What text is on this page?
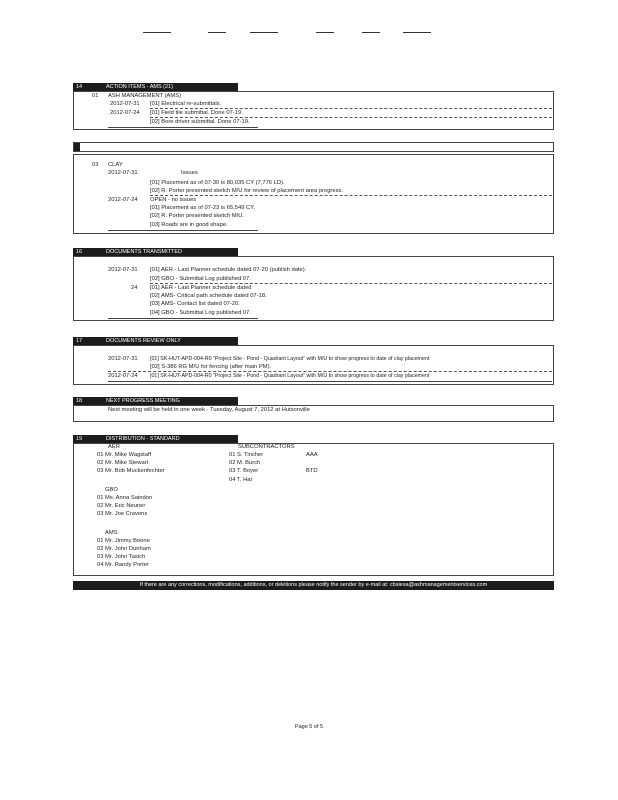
14	ACTION ITEMS - AMS (21)
01 ASH MANAGEMENT (AMS)
2012-07-31 [01] Electrical re-submittals.
2012-07-24 [01] Field tile submittal. Done 07-19.
[02] Bore driver submittal. Done 07-19.
03 CLAY
2012-07-31	Issues
[01] Placement as of 07-30 is 80,035 CY (7,776 LD).
[02] R. Porter presented sketch M/U for review of placement area progress.
2012-07-24 OPEN - no issues
[01] Placement as of 07-23 is 65,549 CY.
[02] R. Porter presented sketch M/U.
[03] Roads are in good shape.
16	DOCUMENTS TRANSMITTED
2012-07-31 [01] AER - Last Planner schedule dated 07-20 (publish date).
[02] GBO - Submittal Log published 07.
24 [01] AER - Last Planner schedule dated
[02] AMS- Critical path schedule dated 07-18.
[03] AMS- Contact list dated 07-20.
[04] GBO - Submittal Log published 07.
17	DOCUMENTS REVIEW ONLY
2012-07-31 [01] SK-HUT-APD-004-R0 "Project Site - Pond - Quadrant Layout" with M/U to show progress to date of clay placement
[02] S-386 RG M/U for fencing (after main PM).
2012-07-24 [01] SK-HUT-APD-004-R0 "Project Site - Pond - Quadrant Layout" with M/U to show progress to date of clay placement
18	NEXT PROGRESS MEETING
Next meeting will be held in one week - Tuesday, August 7, 2012 at Hutsonville
19	DISTRIBUTION - STANDARD
AER
01 Mr. Mike Wagstaff
02 Mr. Mike Stewart
03 Mr. Bob Muckenfechter
GBO
01 Ms. Anna Saindon
02 Mr. Eric Neuner
03 Mr. Joe Cravens
AMS
01 Mr. Jimmy Boone
02 Mr. John Dunham
03 Mr. John Tasich
04 Mr. Randy Porter
SUBCONTRACTORS
01 S. Tincher	AAA
02 M. Burch
03 T. Boyer	BTD
04 T. Har
If there are any corrections, modifications, additions, or deletions please notify the sender by e-mail at: cbsiesa@ashmanagementservices.com
Page 5 of 5
